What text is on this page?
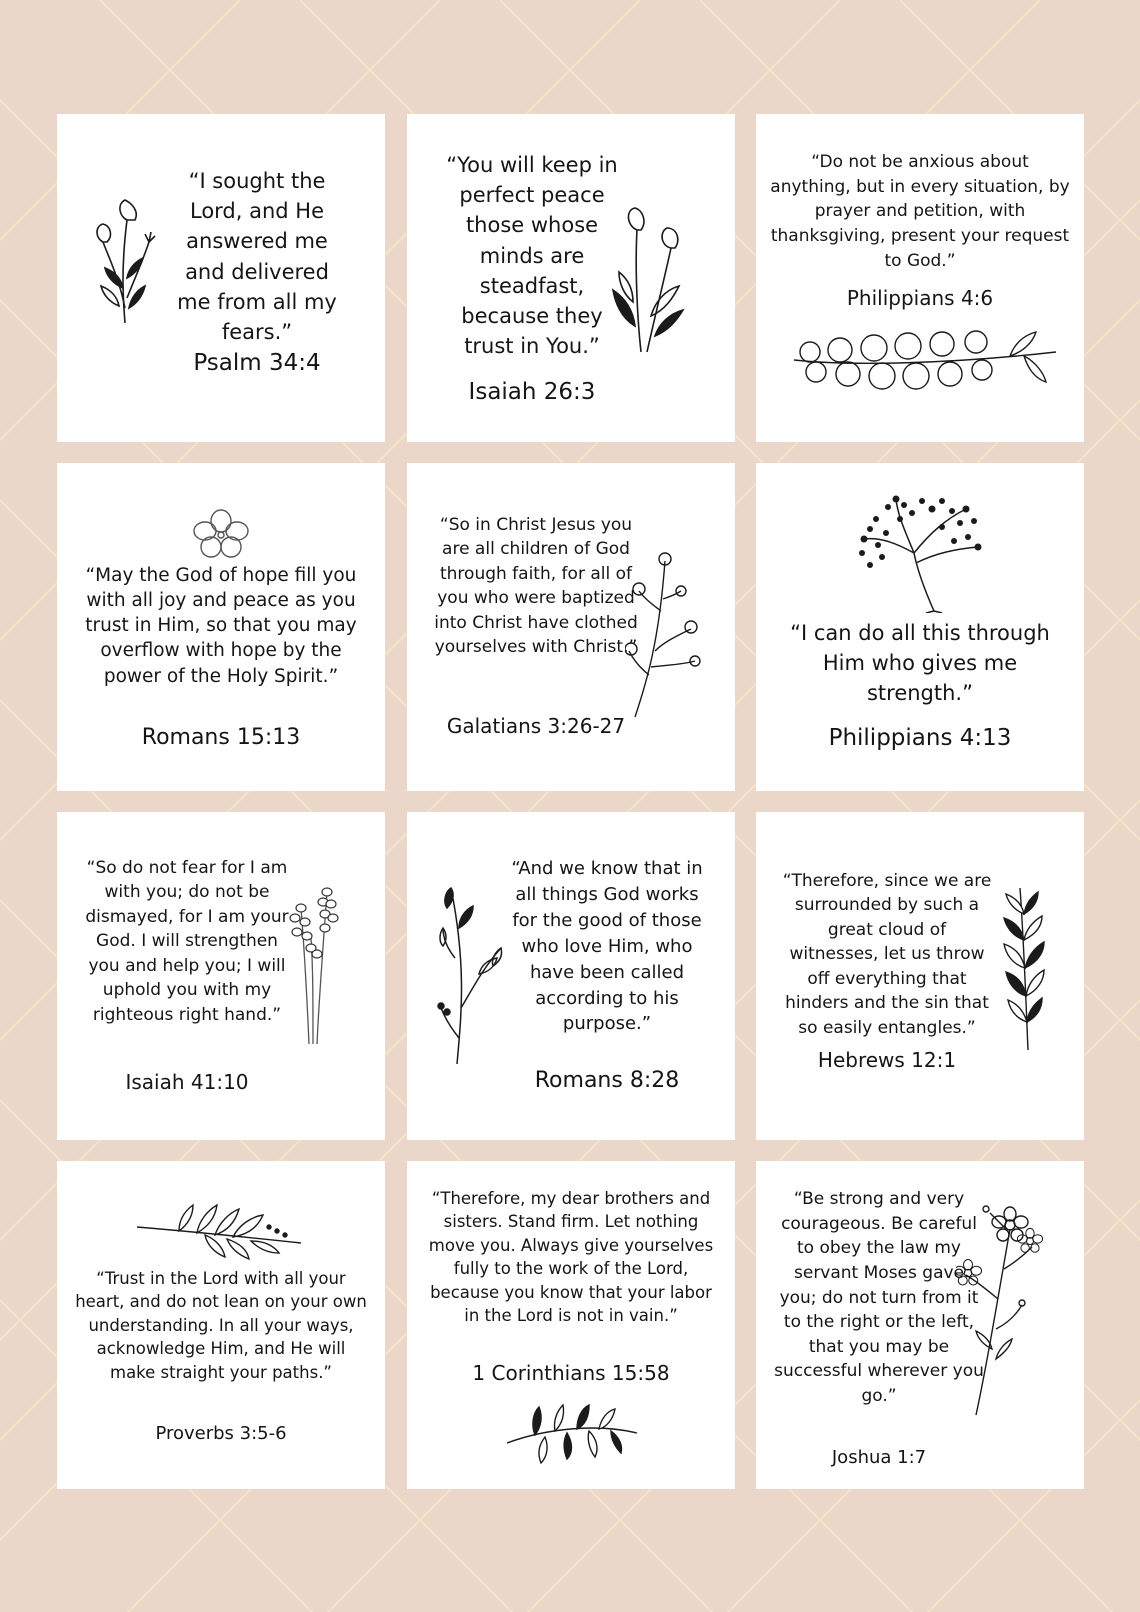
“I sought the Lord, and He answered me and delivered me from all my fears.”

Psalm 34:4

“You will keep in perfect peace those whose minds are steadfast, because they trust in You.”

Isaiah 26:3

“Do not be anxious about anything, but in every situation, by prayer and petition, with thanksgiving, present your request to God.”

Philippians 4:6

“May the God of hope fill you with all joy and peace as you trust in Him, so that you may overflow with hope by the power of the Holy Spirit.”

Romans 15:13

“So in Christ Jesus you are all children of God through faith, for all of you who were baptized into Christ have clothed yourselves with Christ.”

Galatians 3:26-27

“I can do all this through Him who gives me strength.”

Philippians 4:13

“So do not fear for I am with you; do not be dismayed, for I am your God. I will strengthen you and help you; I will uphold you with my righteous right hand.”

Isaiah 41:10

“And we know that in all things God works for the good of those who love Him, who have been called according to his purpose.”

Romans 8:28

“Therefore, since we are surrounded by such a great cloud of witnesses, let us throw off everything that hinders and the sin that so easily entangles.”

Hebrews 12:1

“Trust in the Lord with all your heart, and do not lean on your own understanding. In all your ways, acknowledge Him, and He will make straight your paths.”

Proverbs 3:5-6

“Therefore, my dear brothers and sisters. Stand firm. Let nothing move you. Always give yourselves fully to the work of the Lord, because you know that your labor in the Lord is not in vain.”

1 Corinthians 15:58

“Be strong and very courageous. Be careful to obey the law my servant Moses gave you; do not turn from it to the right or the left, that you may be successful wherever you go.”

Joshua 1:7
